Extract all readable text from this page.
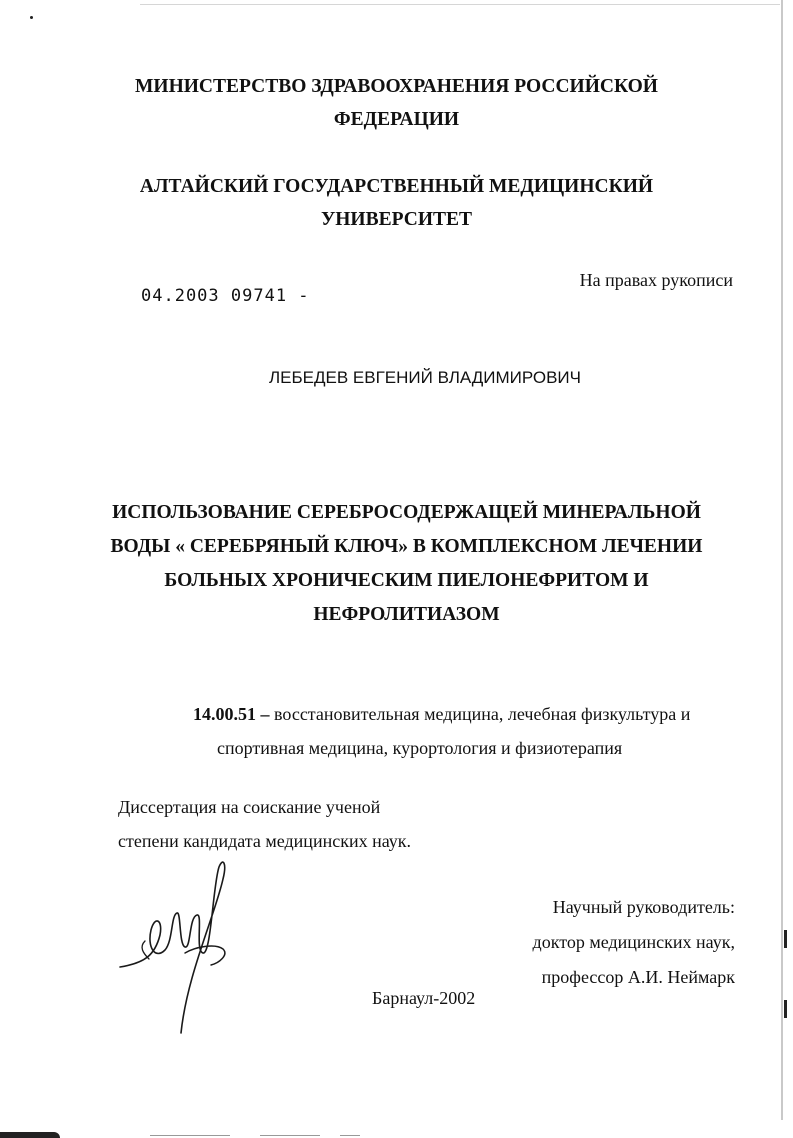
МИНИСТЕРСТВО ЗДРАВООХРАНЕНИЯ РОССИЙСКОЙ
ФЕДЕРАЦИИ
АЛТАЙСКИЙ ГОСУДАРСТВЕННЫЙ МЕДИЦИНСКИЙ
УНИВЕРСИТЕТ
На правах рукописи
04.2003 09741 -
ЛЕБЕДЕВ ЕВГЕНИЙ ВЛАДИМИРОВИЧ
ИСПОЛЬЗОВАНИЕ СЕРЕБРОСОДЕРЖАЩЕЙ МИНЕРАЛЬНОЙ
ВОДЫ « СЕРЕБРЯНЫЙ КЛЮЧ» В КОМПЛЕКСНОМ ЛЕЧЕНИИ
БОЛЬНЫХ ХРОНИЧЕСКИМ ПИЕЛОНЕФРИТОМ И
НЕФРОЛИТИАЗОМ
14.00.51 – восстановительная медицина, лечебная физкультура и
спортивная медицина, курортология и физиотерапия
Диссертация на соискание ученой
степени кандидата медицинских наук.
Научный руководитель:
доктор медицинских наук,
профессор А.И. Неймарк
Барнаул-2002
